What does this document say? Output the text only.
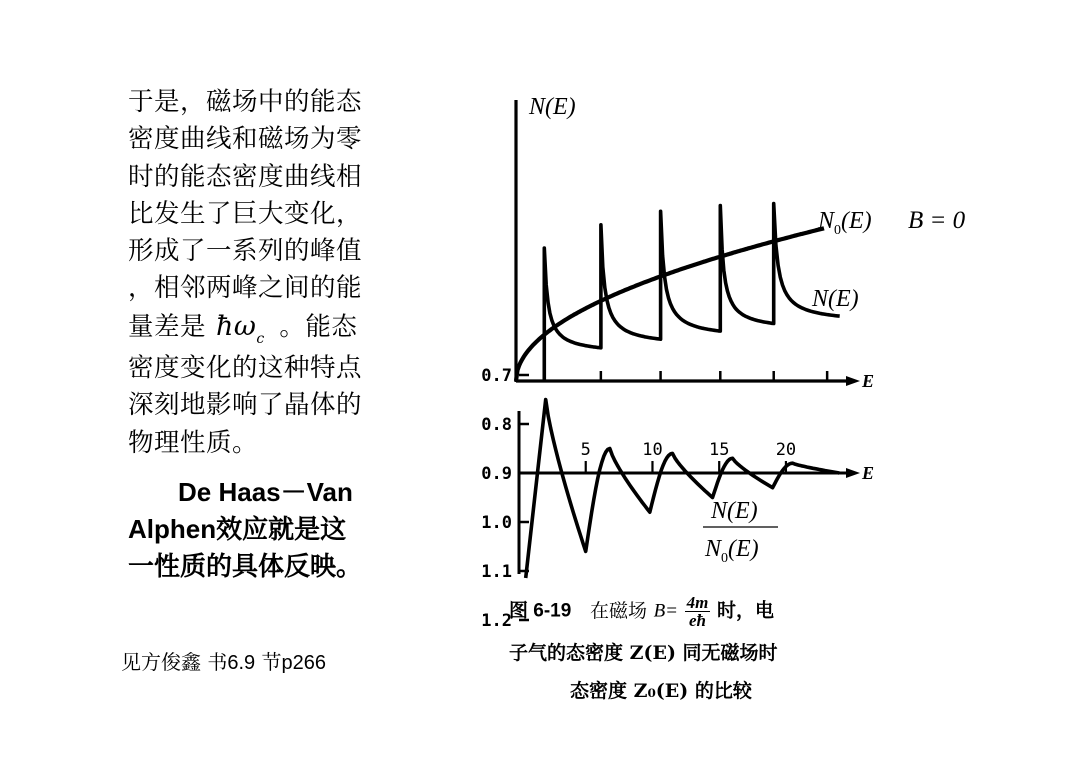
于是，磁场中的能态
密度曲线和磁场为零
时的能态密度曲线相
比发生了巨大变化，
形成了一系列的峰值
，相邻两峰之间的能
量差是 $ħ\omega_c$ 。能态
密度变化的这种特点
深刻地影响了晶体的
物理性质。
De Haas－Van
Alphen效应就是这
一性质的具体反映。
见方俊鑫 书6.9 节p266
N(E)
E
$N_0(E) B = 0$
N(E)
E
1.2
1.1
1.0
0.9
0.8
0.7
5	10	15	20
N(E)
$N_0(E)$
图 6-19 在磁场 $B= \frac{4m}{eħ}$ 时，电
子气的态密度 Z(E) 同无磁场时
态密度 Z₀(E) 的比较
